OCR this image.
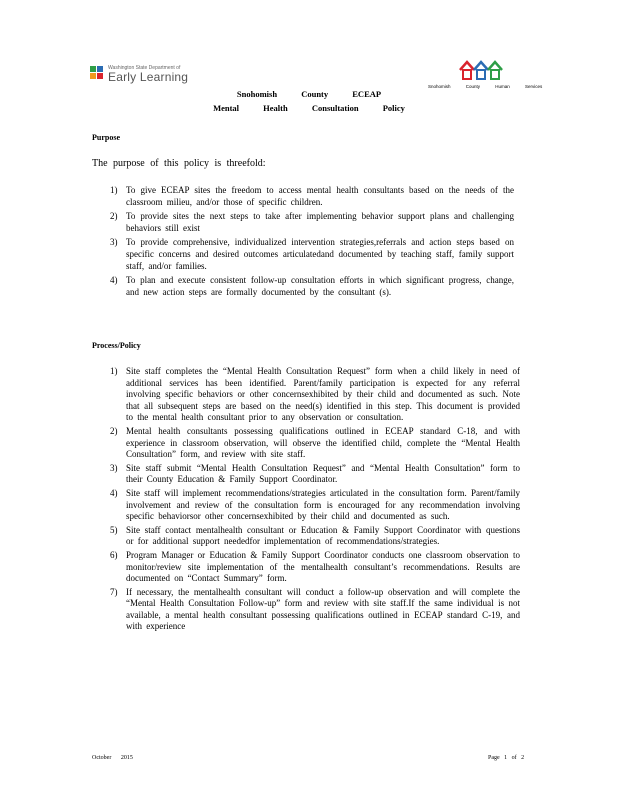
Washington State Department of
Early Learning
Snohomish County Human Services
Snohomish County ECEAP
Mental Health Consultation Policy
Purpose
The purpose of this policy is threefold:
1) To give ECEAP sites the freedom to access mental health consultants based on the needs of the classroom milieu, and/or those of specific children.
2) To provide sites the next steps to take after implementing behavior support plans and challenging behaviors still exist
3) To provide comprehensive, individualized intervention strategies,referrals and action steps based on specific concerns and desired outcomes articulatedand documented by teaching staff, family support staff, and/or families.
4) To plan and execute consistent follow-up consultation efforts in which significant progress, change, and new action steps are formally documented by the consultant (s).
Process/Policy
1) Site staff completes the “Mental Health Consultation Request” form when a child likely in need of additional services has been identified. Parent/family participation is expected for any referral involving specific behaviors or other concernsexhibited by their child and documented as such. Note that all subsequent steps are based on the need(s) identified in this step. This document is provided to the mental health consultant prior to any observation or consultation.
2) Mental health consultants possessing qualifications outlined in ECEAP standard C-18, and with experience in classroom observation, will observe the identified child, complete the “Mental Health Consultation” form, and review with site staff.
3) Site staff submit “Mental Health Consultation Request” and “Mental Health Consultation” form to their County Education & Family Support Coordinator.
4) Site staff will implement recommendations/strategies articulated in the consultation form. Parent/family involvement and review of the consultation form is encouraged for any recommendation involving specific behaviorsor other concernsexhibited by their child and documented as such.
5) Site staff contact mentalhealth consultant or Education & Family Support Coordinator with questions or for additional support neededfor implementation of recommendations/strategies.
6) Program Manager or Education & Family Support Coordinator conducts one classroom observation to monitor/review site implementation of the mentalhealth consultant’s recommendations. Results are documented on “Contact Summary” form.
7) If necessary, the mentalhealth consultant will conduct a follow-up observation and will complete the “Mental Health Consultation Follow-up” form and review with site staff.If the same individual is not available, a mental health consultant possessing qualifications outlined in ECEAP standard C-19, and with experience
October 2015	Page 1 of 2
